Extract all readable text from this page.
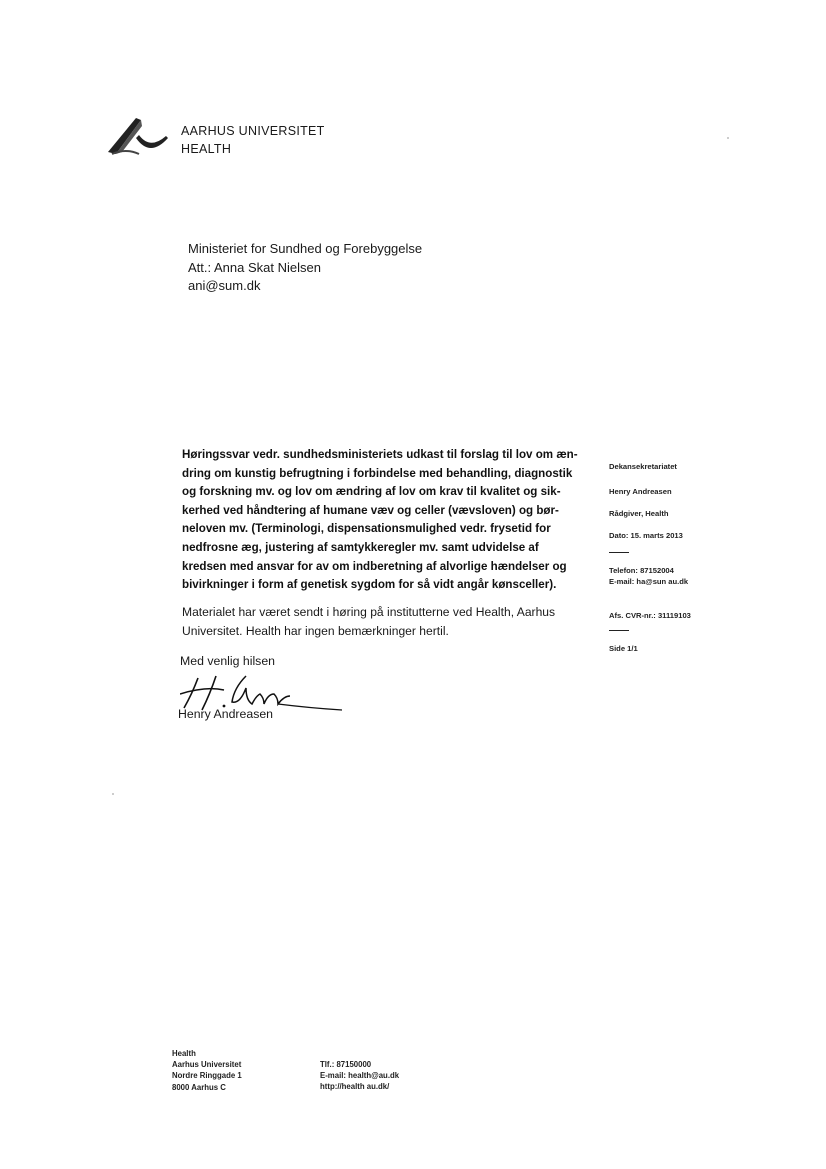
AARHUS UNIVERSITET
HEALTH
Ministeriet for Sundhed og Forebyggelse
Att.: Anna Skat Nielsen
ani@sum.dk
Høringssvar vedr. sundhedsministeriets udkast til forslag til lov om æn-
dring om kunstig befrugtning i forbindelse med behandling, diagnostik
og forskning mv. og lov om ændring af lov om krav til kvalitet og sik-
kerhed ved håndtering af humane væv og celler (vævsloven) og bør-
neloven mv. (Terminologi, dispensationsmulighed vedr. frysetid for
nedfrosne æg, justering af samtykkeregler mv. samt udvidelse af
kredsen med ansvar for av om indberetning af alvorlige hændelser og
bivirkninger i form af genetisk sygdom for så vidt angår kønsceller).
Materialet har været sendt i høring på institutterne ved Health, Aarhus
Universitet. Health har ingen bemærkninger hertil.
Med venlig hilsen
Henry Andreasen
Dekansekretariatet
Henry Andreasen
Rådgiver, Health
Dato: 15. marts 2013
Telefon: 87152004
E-mail: ha@sun au.dk
Afs. CVR-nr.: 31119103
Side 1/1
Health
Aarhus Universitet
Nordre Ringgade 1
8000 Aarhus C
Tlf.: 87150000
E-mail: health@au.dk
http://health au.dk/
